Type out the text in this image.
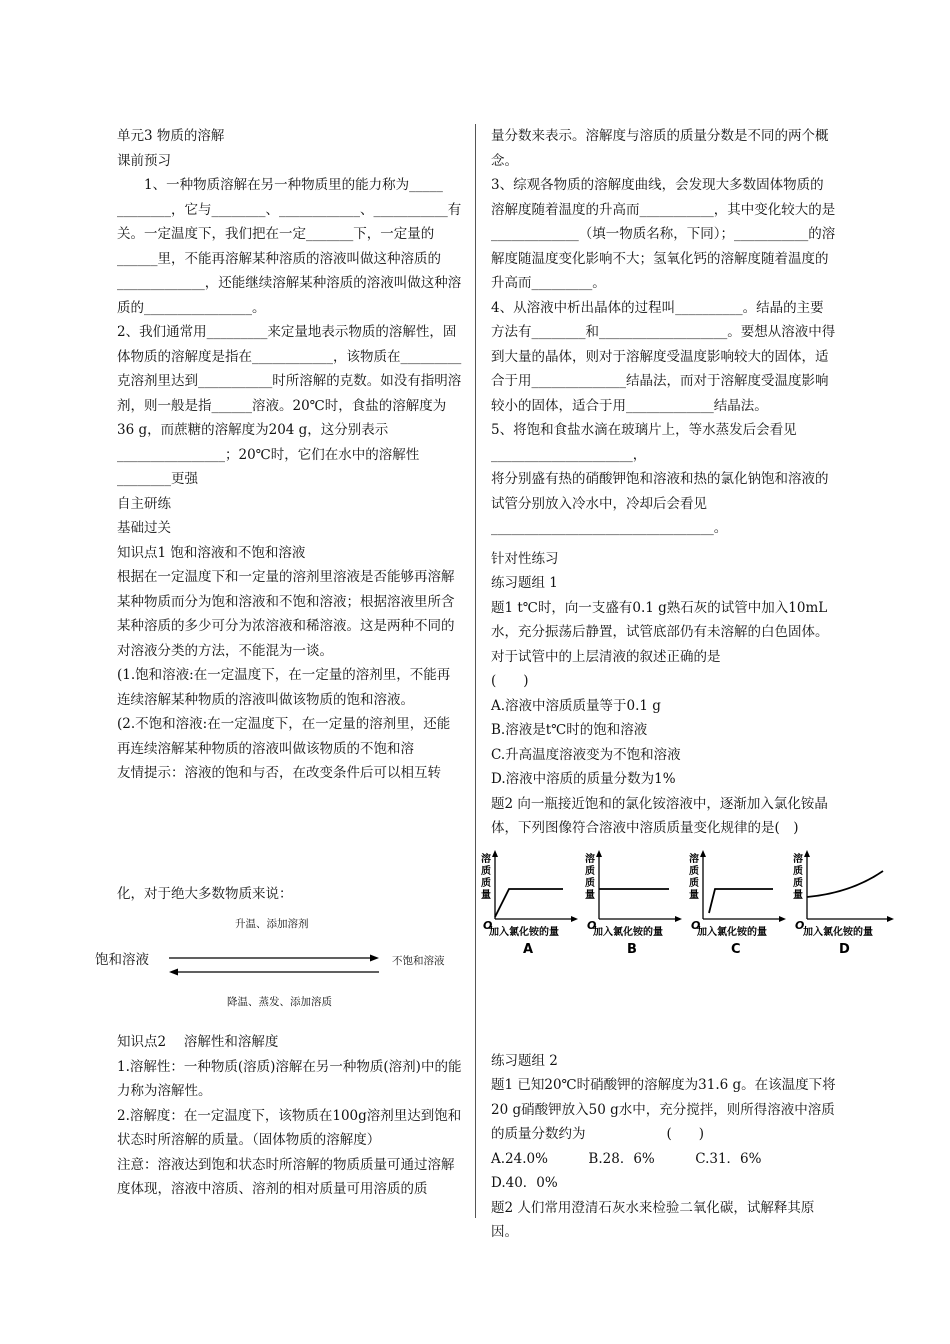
单元3 物质的溶解

课前预习

1、一种物质溶解在另一种物质里的能力称为_____ ________，它与________、____________、___________有关。一定温度下，我们把在一定_______下，一定量的______里，不能再溶解某种溶质的溶液叫做这种溶质的_____________，还能继续溶解某种溶质的溶液叫做这种溶质的________________。

2、我们通常用_________来定量地表示物质的溶解性，固体物质的溶解度是指在____________，该物质在_________克溶剂里达到___________时所溶解的克数。如没有指明溶剂，则一般是指______溶液。20℃时，食盐的溶解度为36 g，而蔗糖的溶解度为204 g，这分别表示________________；20℃时，它们在水中的溶解性________更强

自主研练

基础过关

知识点1 饱和溶液和不饱和溶液

根据在一定温度下和一定量的溶剂里溶液是否能够再溶解某种物质而分为饱和溶液和不饱和溶液；根据溶液里所含某种溶质的多少可分为浓溶液和稀溶液。这是两种不同的对溶液分类的方法，不能混为一谈。

(1.饱和溶液:在一定温度下，在一定量的溶剂里，不能再连续溶解某种物质的溶液叫做该物质的饱和溶液。

(2.不饱和溶液:在一定温度下，在一定量的溶剂里，还能再连续溶解某种物质的溶液叫做该物质的不饱和溶

友情提示：溶液的饱和与否，在改变条件后可以相互转

化，对于绝大多数物质来说：

升温、添加溶剂
饱和溶液	不饱和溶液
降温、蒸发、添加溶质

知识点2　 溶解性和溶解度

1.溶解性：一种物质(溶质)溶解在另一种物质(溶剂)中的能力称为溶解性。

2.溶解度：在一定温度下，该物质在100g溶剂里达到饱和状态时所溶解的质量。（固体物质的溶解度）

注意：溶液达到饱和状态时所溶解的物质质量可通过溶解度体现，溶液中溶质、溶剂的相对质量可用溶质的质

量分数来表示。溶解度与溶质的质量分数是不同的两个概念。

3、综观各物质的溶解度曲线，会发现大多数固体物质的溶解度随着温度的升高而___________，其中变化较大的是_____________（填一物质名称，下同）；___________的溶解度随温度变化影响不大；氢氧化钙的溶解度随着温度的升高而_________。

4、从溶液中析出晶体的过程叫__________。结晶的主要方法有________和___________________。要想从溶液中得到大量的晶体，则对于溶解度受温度影响较大的固体，适合于用______________结晶法，而对于溶解度受温度影响较小的固体，适合于用_____________结晶法。

5、将饱和食盐水滴在玻璃片上，等水蒸发后会看见_____________________，

将分别盛有热的硝酸钾饱和溶液和热的氯化钠饱和溶液的试管分别放入冷水中，冷却后会看见_________________________________。

针对性练习

练习题组 1

题1 t℃时，向一支盛有0.1 g熟石灰的试管中加入10mL水，充分振荡后静置，试管底部仍有未溶解的白色固体。对于试管中的上层清液的叙述正确的是　　　　　　　　　(　　)

A.溶液中溶质质量等于0.1 g

B.溶液是t℃时的饱和溶液

C.升高温度溶液变为不饱和溶液

D.溶液中溶质的质量分数为1%

题2 向一瓶接近饱和的氯化铵溶液中，逐渐加入氯化铵晶体，下列图像符合溶液中溶质质量变化规律的是(　)

溶
质
质
量
O
加入氯化铵的量
A
溶
质
质
量
O
加入氯化铵的量
B
溶
质
质
量
O
加入氯化铵的量
C
溶
质
质
量
O
加入氯化铵的量
D

练习题组 2

题1 已知20℃时硝酸钾的溶解度为31.6 g。在该温度下将20 g硝酸钾放入50 g水中，充分搅拌，则所得溶液中溶质的质量分数约为　　　　　　(　　)

A.24.0%　　　B.28．6%　　　C.31．6%　　　D.40．0%

题2 人们常用澄清石灰水来检验二氧化碳，试解释其原因。
